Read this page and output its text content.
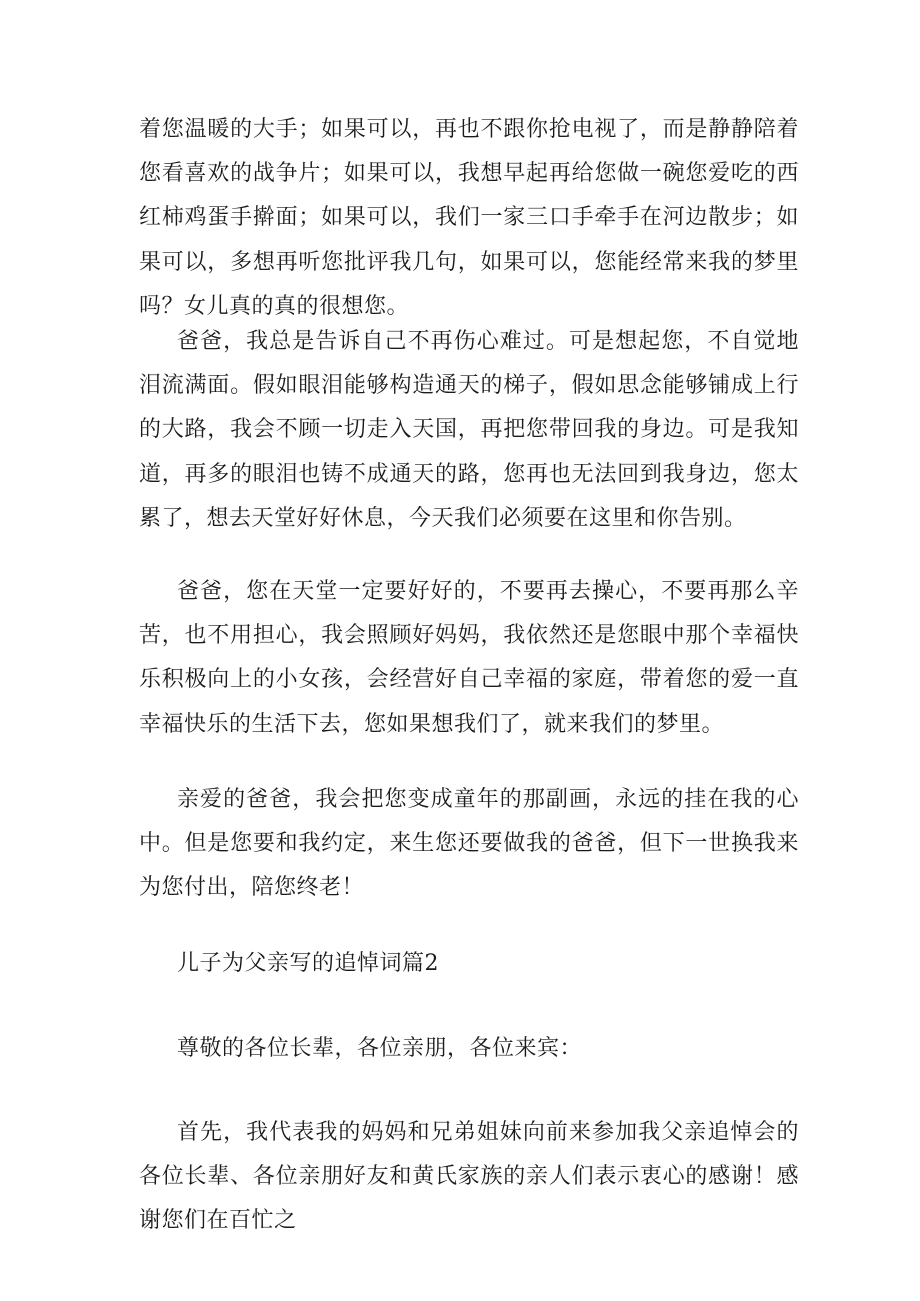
着您温暖的大手；如果可以，再也不跟你抢电视了，而是静静陪着您看喜欢的战争片；如果可以，我想早起再给您做一碗您爱吃的西红柿鸡蛋手擀面；如果可以，我们一家三口手牵手在河边散步；如果可以，多想再听您批评我几句，如果可以，您能经常来我的梦里吗？女儿真的真的很想您。

爸爸，我总是告诉自己不再伤心难过。可是想起您，不自觉地泪流满面。假如眼泪能够构造通天的梯子，假如思念能够铺成上行的大路，我会不顾一切走入天国，再把您带回我的身边。可是我知道，再多的眼泪也铸不成通天的路，您再也无法回到我身边，您太累了，想去天堂好好休息，今天我们必须要在这里和你告别。

爸爸，您在天堂一定要好好的，不要再去操心，不要再那么辛苦，也不用担心，我会照顾好妈妈，我依然还是您眼中那个幸福快乐积极向上的小女孩，会经营好自己幸福的家庭，带着您的爱一直幸福快乐的生活下去，您如果想我们了，就来我们的梦里。

亲爱的爸爸，我会把您变成童年的那副画，永远的挂在我的心中。但是您要和我约定，来生您还要做我的爸爸，但下一世换我来为您付出，陪您终老！

儿子为父亲写的追悼词篇2

尊敬的各位长辈，各位亲朋，各位来宾：

首先，我代表我的妈妈和兄弟姐妹向前来参加我父亲追悼会的各位长辈、各位亲朋好友和黄氏家族的亲人们表示衷心的感谢！感谢您们在百忙之
